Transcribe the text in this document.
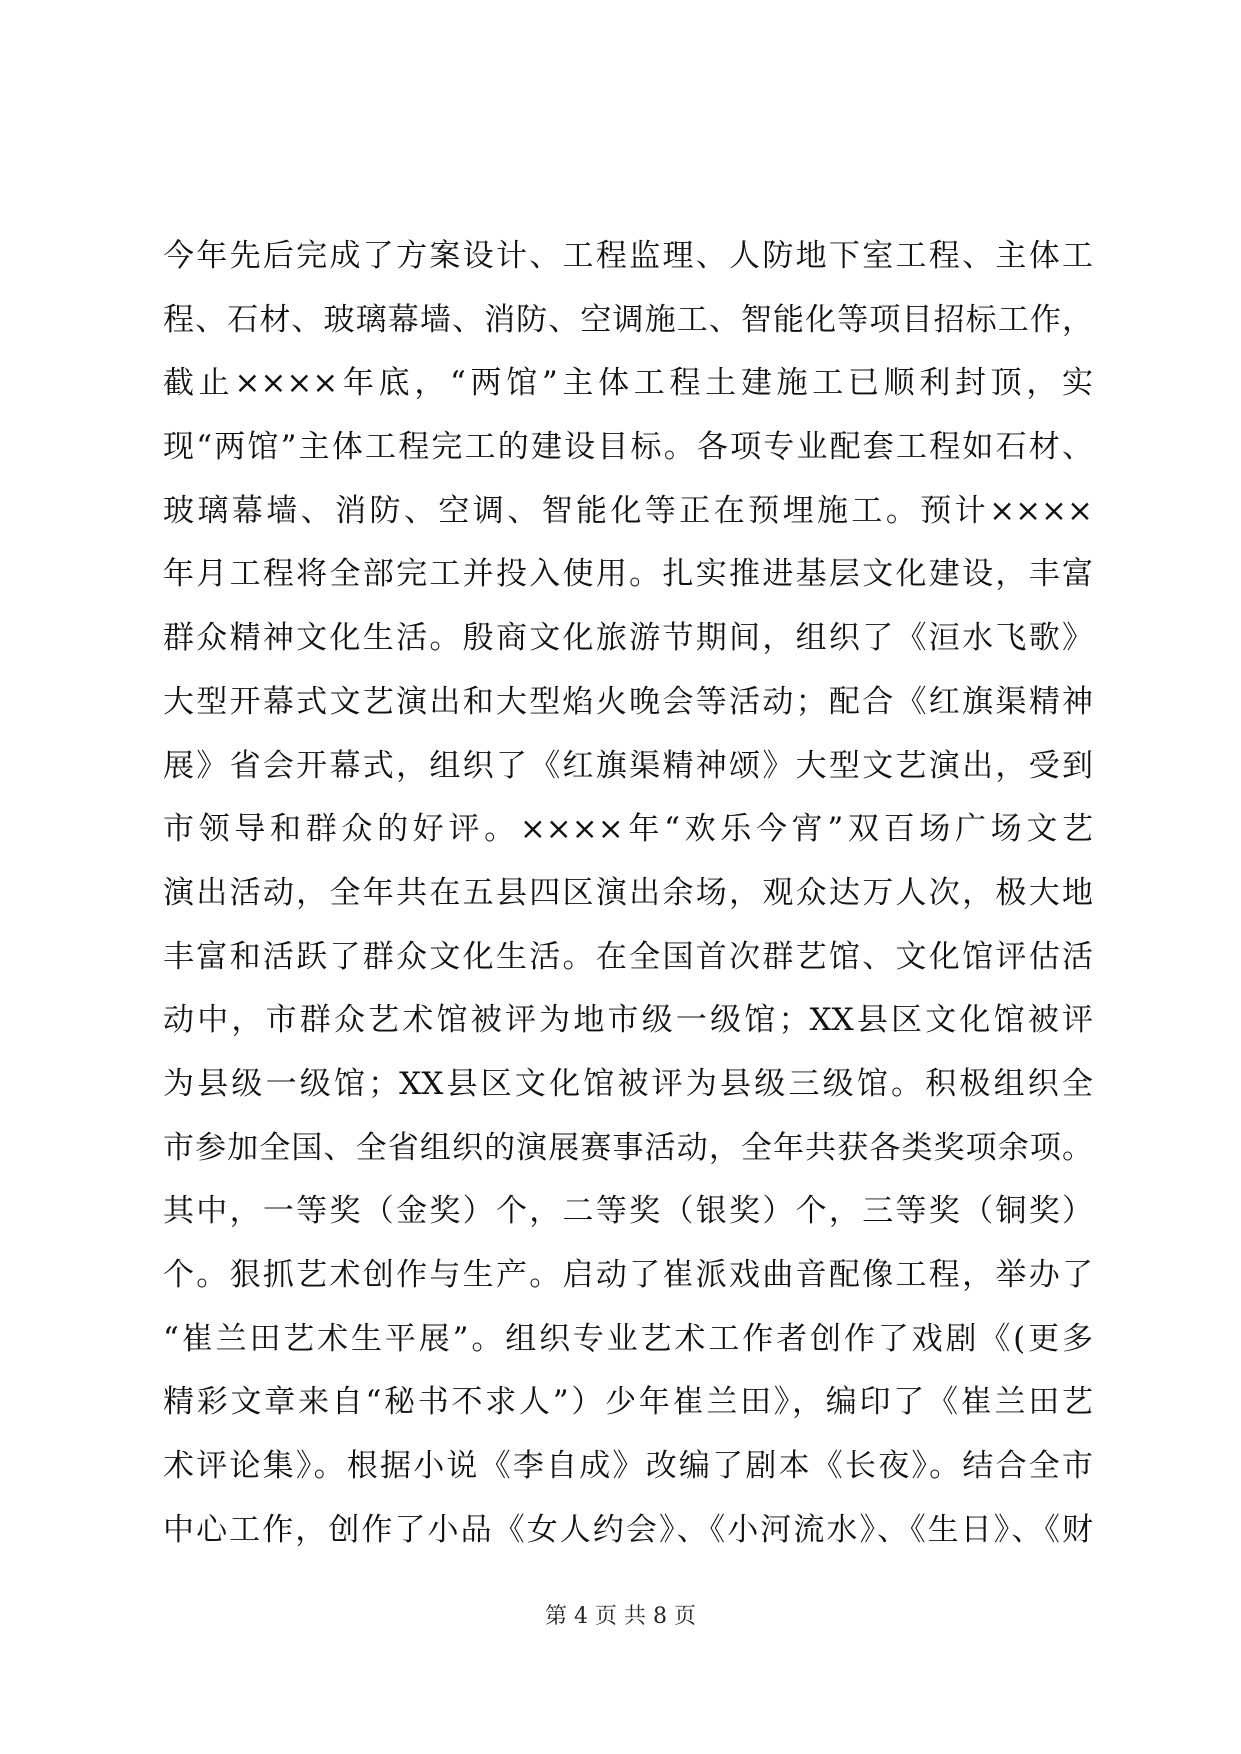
今年先后完成了方案设计、工程监理、人防地下室工程、主体工
程、石材、玻璃幕墙、消防、空调施工、智能化等项目招标工作，
截止××××年底，“两馆”主体工程土建施工已顺利封顶，实
现“两馆”主体工程完工的建设目标。各项专业配套工程如石材、
玻璃幕墙、消防、空调、智能化等正在预埋施工。预计××××
年月工程将全部完工并投入使用。扎实推进基层文化建设，丰富
群众精神文化生活。殷商文化旅游节期间，组织了《洹水飞歌》
大型开幕式文艺演出和大型焰火晚会等活动；配合《红旗渠精神
展》省会开幕式，组织了《红旗渠精神颂》大型文艺演出，受到
市领导和群众的好评。××××年“欢乐今宵”双百场广场文艺
演出活动，全年共在五县四区演出余场，观众达万人次，极大地
丰富和活跃了群众文化生活。在全国首次群艺馆、文化馆评估活
动中，市群众艺术馆被评为地市级一级馆；XX县区文化馆被评
为县级一级馆；XX县区文化馆被评为县级三级馆。积极组织全
市参加全国、全省组织的演展赛事活动，全年共获各类奖项余项。
其中，一等奖（金奖）个，二等奖（银奖）个，三等奖（铜奖）
个。狠抓艺术创作与生产。启动了崔派戏曲音配像工程，举办了
“崔兰田艺术生平展”。组织专业艺术工作者创作了戏剧《(更多
精彩文章来自“秘书不求人”）少年崔兰田》，编印了《崔兰田艺
术评论集》。根据小说《李自成》改编了剧本《长夜》。结合全市
中心工作，创作了小品《女人约会》、《小河流水》、《生日》、《财
第 4 页 共 8 页
